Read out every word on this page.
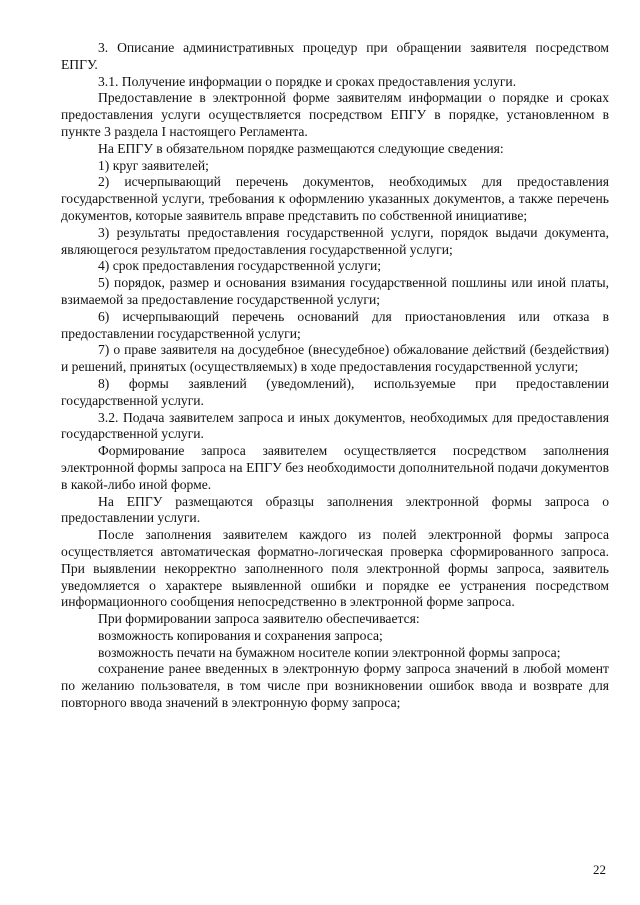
3. Описание административных процедур при обращении заявителя посредством ЕПГУ.

3.1. Получение информации о порядке и сроках предоставления услуги.

Предоставление в электронной форме заявителям информации о порядке и сроках предоставления услуги осуществляется посредством ЕПГУ в порядке, установленном в пункте 3 раздела I настоящего Регламента.

На ЕПГУ в обязательном порядке размещаются следующие сведения:

1) круг заявителей;

2) исчерпывающий перечень документов, необходимых для предоставления государственной услуги, требования к оформлению указанных документов, а также перечень документов, которые заявитель вправе представить по собственной инициативе;

3) результаты предоставления государственной услуги, порядок выдачи документа, являющегося результатом предоставления государственной услуги;

4) срок предоставления государственной услуги;

5) порядок, размер и основания взимания государственной пошлины или иной платы, взимаемой за предоставление государственной услуги;

6) исчерпывающий перечень оснований для приостановления или отказа в предоставлении государственной услуги;

7) о праве заявителя на досудебное (внесудебное) обжалование действий (бездействия) и решений, принятых (осуществляемых) в ходе предоставления государственной услуги;

8) формы заявлений (уведомлений), используемые при предоставлении государственной услуги.

3.2. Подача заявителем запроса и иных документов, необходимых для предоставления государственной услуги.

Формирование запроса заявителем осуществляется посредством заполнения электронной формы запроса на ЕПГУ без необходимости дополнительной подачи документов в какой-либо иной форме.

На ЕПГУ размещаются образцы заполнения электронной формы запроса о предоставлении услуги.

После заполнения заявителем каждого из полей электронной формы запроса осуществляется автоматическая форматно-логическая проверка сформированного запроса. При выявлении некорректно заполненного поля электронной формы запроса, заявитель уведомляется о характере выявленной ошибки и порядке ее устранения посредством информационного сообщения непосредственно в электронной форме запроса.

При формировании запроса заявителю обеспечивается:

возможность копирования и сохранения запроса;

возможность печати на бумажном носителе копии электронной формы запроса;

сохранение ранее введенных в электронную форму запроса значений в любой момент по желанию пользователя, в том числе при возникновении ошибок ввода и возврате для повторного ввода значений в электронную форму запроса;

22
